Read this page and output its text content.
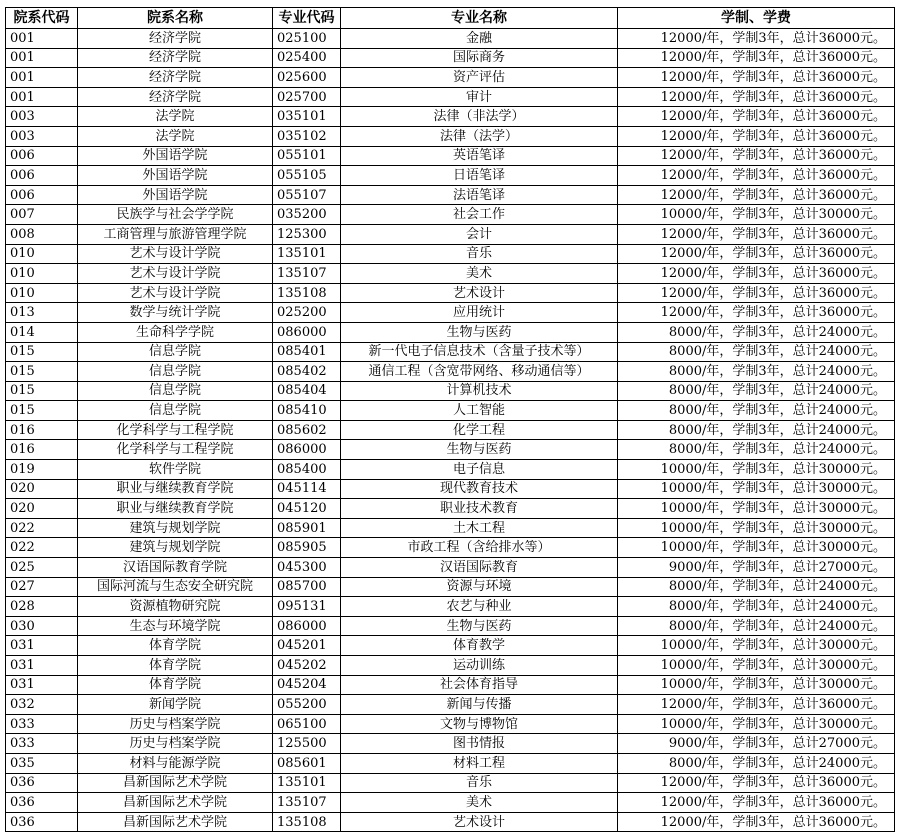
院系代码	院系名称	专业代码	专业名称	学制、学费
001	经济学院	025100	金融	12000/年，学制3年，总计36000元。
001	经济学院	025400	国际商务	12000/年，学制3年，总计36000元。
001	经济学院	025600	资产评估	12000/年，学制3年，总计36000元。
001	经济学院	025700	审计	12000/年，学制3年，总计36000元。
003	法学院	035101	法律（非法学）	12000/年，学制3年，总计36000元。
003	法学院	035102	法律（法学）	12000/年，学制3年，总计36000元。
006	外国语学院	055101	英语笔译	12000/年，学制3年，总计36000元。
006	外国语学院	055105	日语笔译	12000/年，学制3年，总计36000元。
006	外国语学院	055107	法语笔译	12000/年，学制3年，总计36000元。
007	民族学与社会学学院	035200	社会工作	10000/年，学制3年，总计30000元。
008	工商管理与旅游管理学院	125300	会计	12000/年，学制3年，总计36000元。
010	艺术与设计学院	135101	音乐	12000/年，学制3年，总计36000元。
010	艺术与设计学院	135107	美术	12000/年，学制3年，总计36000元。
010	艺术与设计学院	135108	艺术设计	12000/年，学制3年，总计36000元。
013	数学与统计学院	025200	应用统计	12000/年，学制3年，总计36000元。
014	生命科学学院	086000	生物与医药	8000/年，学制3年，总计24000元。
015	信息学院	085401	新一代电子信息技术（含量子技术等）	8000/年，学制3年，总计24000元。
015	信息学院	085402	通信工程（含宽带网络、移动通信等）	8000/年，学制3年，总计24000元。
015	信息学院	085404	计算机技术	8000/年，学制3年，总计24000元。
015	信息学院	085410	人工智能	8000/年，学制3年，总计24000元。
016	化学科学与工程学院	085602	化学工程	8000/年，学制3年，总计24000元。
016	化学科学与工程学院	086000	生物与医药	8000/年，学制3年，总计24000元。
019	软件学院	085400	电子信息	10000/年，学制3年，总计30000元。
020	职业与继续教育学院	045114	现代教育技术	10000/年，学制3年，总计30000元。
020	职业与继续教育学院	045120	职业技术教育	10000/年，学制3年，总计30000元。
022	建筑与规划学院	085901	土木工程	10000/年，学制3年，总计30000元。
022	建筑与规划学院	085905	市政工程（含给排水等）	10000/年，学制3年，总计30000元。
025	汉语国际教育学院	045300	汉语国际教育	9000/年，学制3年，总计27000元。
027	国际河流与生态安全研究院	085700	资源与环境	8000/年，学制3年，总计24000元。
028	资源植物研究院	095131	农艺与种业	8000/年，学制3年，总计24000元。
030	生态与环境学院	086000	生物与医药	8000/年，学制3年，总计24000元。
031	体育学院	045201	体育教学	10000/年，学制3年，总计30000元。
031	体育学院	045202	运动训练	10000/年，学制3年，总计30000元。
031	体育学院	045204	社会体育指导	10000/年，学制3年，总计30000元。
032	新闻学院	055200	新闻与传播	12000/年，学制3年，总计36000元。
033	历史与档案学院	065100	文物与博物馆	10000/年，学制3年，总计30000元。
033	历史与档案学院	125500	图书情报	9000/年，学制3年，总计27000元。
035	材料与能源学院	085601	材料工程	8000/年，学制3年，总计24000元。
036	昌新国际艺术学院	135101	音乐	12000/年，学制3年，总计36000元。
036	昌新国际艺术学院	135107	美术	12000/年，学制3年，总计36000元。
036	昌新国际艺术学院	135108	艺术设计	12000/年，学制3年，总计36000元。
